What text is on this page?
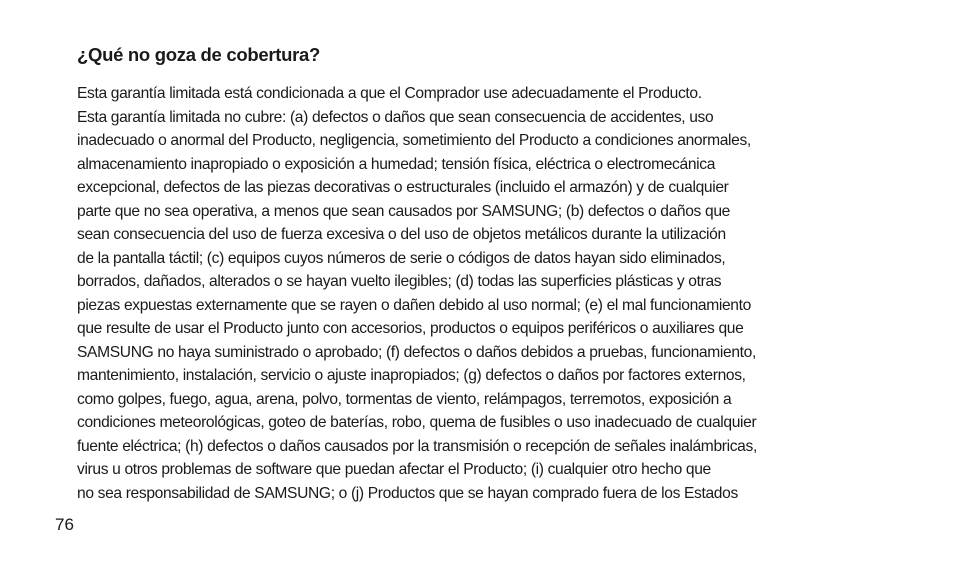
¿Qué no goza de cobertura?
Esta garantía limitada está condicionada a que el Comprador use adecuadamente el Producto.
Esta garantía limitada no cubre: (a) defectos o daños que sean consecuencia de accidentes, uso
inadecuado o anormal del Producto, negligencia, sometimiento del Producto a condiciones anormales,
almacenamiento inapropiado o exposición a humedad; tensión física, eléctrica o electromecánica
excepcional, defectos de las piezas decorativas o estructurales (incluido el armazón) y de cualquier
parte que no sea operativa, a menos que sean causados por SAMSUNG; (b) defectos o daños que
sean consecuencia del uso de fuerza excesiva o del uso de objetos metálicos durante la utilización
de la pantalla táctil; (c) equipos cuyos números de serie o códigos de datos hayan sido eliminados,
borrados, dañados, alterados o se hayan vuelto ilegibles; (d) todas las superficies plásticas y otras
piezas expuestas externamente que se rayen o dañen debido al uso normal; (e) el mal funcionamiento
que resulte de usar el Producto junto con accesorios, productos o equipos periféricos o auxiliares que
SAMSUNG no haya suministrado o aprobado; (f) defectos o daños debidos a pruebas, funcionamiento,
mantenimiento, instalación, servicio o ajuste inapropiados; (g) defectos o daños por factores externos,
como golpes, fuego, agua, arena, polvo, tormentas de viento, relámpagos, terremotos, exposición a
condiciones meteorológicas, goteo de baterías, robo, quema de fusibles o uso inadecuado de cualquier
fuente eléctrica; (h) defectos o daños causados por la transmisión o recepción de señales inalámbricas,
virus u otros problemas de software que puedan afectar el Producto; (i) cualquier otro hecho que
no sea responsabilidad de SAMSUNG; o (j) Productos que se hayan comprado fuera de los Estados
76
